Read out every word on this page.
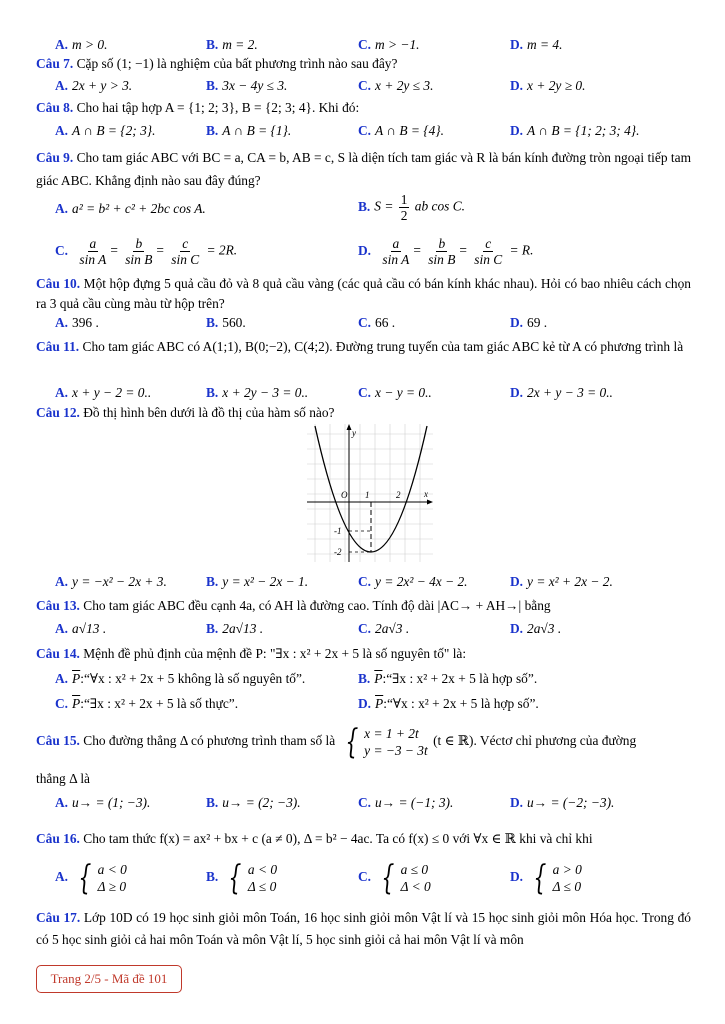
A. m > 0.	B. m = 2.	C. m > −1.	D. m = 4.
Câu 7. Cặp số (1; −1) là nghiệm của bất phương trình nào sau đây?
A. 2x + y > 3.	B. 3x − 4y ≤ 3.	C. x + 2y ≤ 3.	D. x + 2y ≥ 0.
Câu 8. Cho hai tập hợp A = {1; 2; 3}, B = {2; 3; 4}. Khi đó:
A. A ∩ B = {2; 3}.	B. A ∩ B = {1}.	C. A ∩ B = {4}.	D. A ∩ B = {1; 2; 3; 4}.
Câu 9. Cho tam giác ABC với BC = a, CA = b, AB = c, S là diện tích tam giác và R là bán kính đường tròn ngoại tiếp tam giác ABC. Khẳng định nào sau đây đúng?
A. a² = b² + c² + 2bc cos A.	B. $S = \frac{1}{2}$ ab cos C.
C. $\frac{a}{\text{sin A}} = \frac{b}{\text{sin B}} = \frac{c}{\text{sin C}} = 2R$.	D. $\frac{a}{\text{sin A}} = \frac{b}{\text{sin B}} = \frac{c}{\text{sin C}} = R$.
Câu 10. Một hộp đựng 5 quả cầu đỏ và 8 quả cầu vàng (các quả cầu có bán kính khác nhau). Hỏi có bao nhiêu cách chọn ra 3 quả cầu cùng màu từ hộp trên?
A. 396 .	B. 560.	C. 66 .	D. 69 .
Câu 11. Cho tam giác ABC có A(1;1), B(0;−2), C(4;2). Đường trung tuyến của tam giác ABC kẻ từ A có phương trình là
A. x + y − 2 = 0..	B. x + 2y − 3 = 0..	C. x − y = 0..	D. 2x + y − 3 = 0..
Câu 12. Đồ thị hình bên dưới là đồ thị của hàm số nào?
y
x
O 1	2
-1
-2
A. y = −x² − 2x + 3.	B. y = x² − 2x − 1.	C. y = 2x² − 4x − 2.	D. y = x² + 2x − 2.
Câu 13. Cho tam giác ABC đều cạnh 4a, có AH là đường cao. Tính độ dài |AC→ + AH→| bằng
A. a√13 .	B. 2a√13 .	C. 2a√3 .	D. 2a√3 .
Câu 14. Mệnh đề phủ định của mệnh đề P: "∃x : x² + 2x + 5 là số nguyên tố" là:
A. $\overline{P}:“\forall x$ : x² + 2x + 5 không là số nguyên tố”.	B. $\overline{P}:“\exists x$ : x² + 2x + 5 là hợp số”.
C. $\overline{P}:“\exists x$ : x² + 2x + 5 là số thực”.	D. $\overline{P}:“\forall x$ : x² + 2x + 5 là hợp số”.
Câu 15. Cho đường thẳng Δ có phương trình tham số là { x = 1 + 2t
y = −3 − 3t
(t ∈ ℝ). Véctơ chỉ phương của đường
thẳng Δ là
A. u→ = (1; −3).	B. u→ = (2; −3).	C. u→ = (−1; 3).	D. u→ = (−2; −3).
Câu 16. Cho tam thức f(x) = ax² + bx + c (a ≠ 0), Δ = b² − 4ac. Ta có f(x) ≤ 0 với ∀x ∈ ℝ khi và chỉ khi
A. { a < 0
Δ ≥ 0
B. { a < 0
Δ ≤ 0
C. { a ≤ 0
Δ < 0
D. { a > 0
Δ ≤ 0
Câu 17. Lớp 10D có 19 học sinh giỏi môn Toán, 16 học sinh giỏi môn Vật lí và 15 học sinh giỏi môn Hóa học. Trong đó có 5 học sinh giỏi cả hai môn Toán và môn Vật lí, 5 học sinh giỏi cả hai môn Vật lí và môn
Trang 2/5 - Mã đề 101
